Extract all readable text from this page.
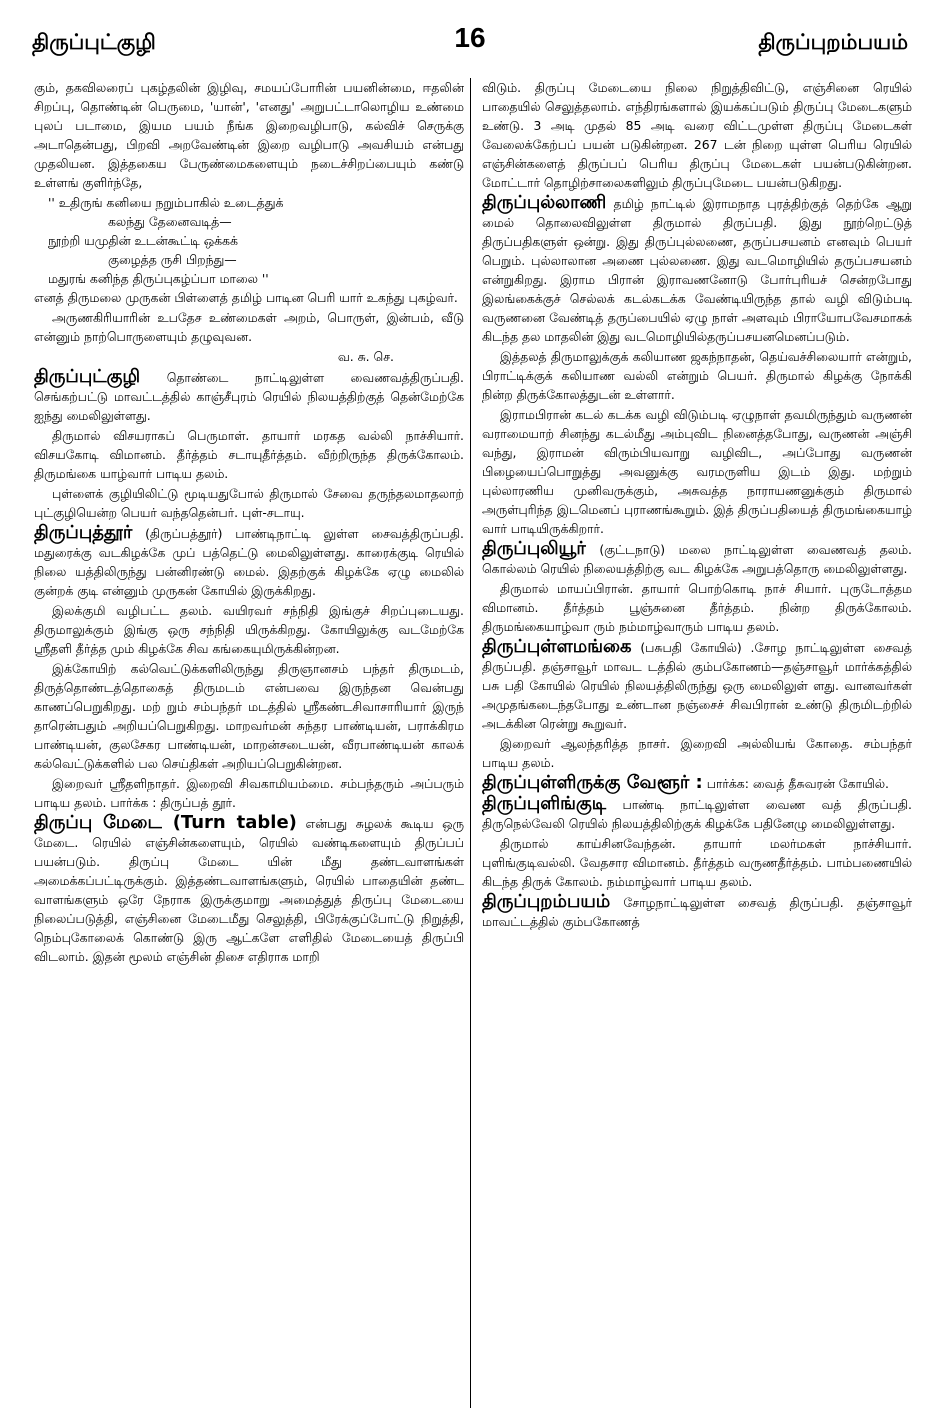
திருப்புட்குழி	16	திருப்புறம்பயம்

கும், தகவிலரைப் புகழ்தலின் இழிவு, சமயப்போரின் பயனின்மை, ஈதலின் சிறப்பு, தொண்டின் பெருமை, 'யான்', 'எனது' அறுபட்டாலொழிய உண்மை புலப் படாமை, இயம பயம் நீங்க இறைவழிபாடு, கல்விச் செருக்கு அடாதென்பது, பிறவி அறவேண்டின் இறை வழிபாடு அவசியம் என்பது முதலியன. இத்தகைய பேருண்மைகளையும் நடைச்சிறப்பையும் கண்டு உள்ளங் குளிர்ந்தே,

'' உதிருங் கனியை நறும்பாகில் உடைத்துக்
கலந்து தேனைவடித்—
நூற்றி யமுதின் உடன்கூட்டி ஒக்கக்
குழைத்த ருசி பிறந்து—
மதுரங் கனிந்த திருப்புகழ்ப்பா மாலை ''

எனத் திருமலை முருகன் பிள்ளைத் தமிழ் பாடின பெரி யார் உகந்து புகழ்வர்.

அருணகிரியாரின் உபதேச உண்மைகள் அறம், பொருள், இன்பம், வீடு என்னும் நாற்பொருளையும் தழுவுவன.

வ. சு. செ.

திருப்புட்குழி தொண்டை நாட்டிலுள்ள வைணவத்திருப்பதி. செங்கற்பட்டு மாவட்டத்தில் காஞ்சீபுரம் ரெயில் நிலயத்திற்குத் தென்மேற்கே ஐந்து மைலிலுள்ளது.

திருமால் விசயராகப் பெருமாள். தாயார் மரகத வல்லி நாச்சியார். விசயகோடி விமானம். தீர்த்தம் சடாயுதீர்த்தம். வீற்றிருந்த திருக்கோலம். திருமங்கை யாழ்வார் பாடிய தலம்.

புள்ளைக் குழியிலிட்டு மூடியதுபோல் திருமால் சேவை தருந்தலமாதலாற் புட்குழியென்ற பெயர் வந்ததென்பர். புள்-சடாயு.

திருப்புத்தூர் (திருப்பத்தூர்) பாண்டிநாட்டி லுள்ள சைவத்திருப்பதி. மதுரைக்கு வடகிழக்கே முப் பத்தெட்டு மைலிலுள்ளது. காரைக்குடி ரெயில் நிலை யத்திலிருந்து பன்னிரண்டு மைல். இதற்குக் கிழக்கே ஏழு மைலில் குன்றக் குடி என்னும் முருகன் கோயில் இருக்கிறது.

இலக்குமி வழிபட்ட தலம். வயிரவர் சந்நிதி இங்குச் சிறப்புடையது. திருமாலுக்கும் இங்கு ஒரு சந்நிதி யிருக்கிறது. கோயிலுக்கு வடமேற்கே ஸ்ரீதளி தீர்த்த மும் கிழக்கே சிவ கங்கையுமிருக்கின்றன.

இக்கோயிற் கல்வெட்டுக்களிலிருந்து திருஞானசம் பந்தர் திருமடம், திருத்தொண்டத்தொகைத் திருமடம் என்பவை இருந்தன வென்பது காணப்பெறுகிறது. மற் றும் சம்பந்தர் மடத்தில் ஸ்ரீகண்டசிவாசாரியார் இருந் தாரென்பதும் அறியப்பெறுகிறது. மாறவர்மன் சுந்தர பாண்டியன், பராக்கிரம பாண்டியன், குலசேகர பாண்டியன், மாறன்சடையன், வீரபாண்டியன் காலக் கல்வெட்டுக்களில் பல செய்திகள் அறியப்பெறுகின்றன.

இறைவர் ஸ்ரீதளிநாதர். இறைவி சிவகாமியம்மை. சம்பந்தரும் அப்பரும் பாடிய தலம். பார்க்க : திருப்பத் தூர்.

திருப்பு மேடை (Turn table) என்பது சுழலக் கூடிய ஒரு மேடை. ரெயில் எஞ்சின்களையும், ரெயில் வண்டிகளையும் திருப்பப் பயன்படும். திருப்பு மேடை யின் மீது தண்டவாளங்கள் அமைக்கப்பட்டிருக்கும். இத்தண்டவாளங்களும், ரெயில் பாதையின் தண்ட வாளங்களும் ஒரே நேராக இருக்குமாறு அமைத்துத் திருப்பு மேடையை நிலைப்படுத்தி, எஞ்சினை மேடைமீது செலுத்தி, பிரேக்குப்போட்டு நிறுத்தி, நெம்புகோலைக் கொண்டு இரு ஆட்களே எளிதில் மேடையைத் திருப்பி விடலாம். இதன் மூலம் எஞ்சின் திசை எதிராக மாறி

விடும். திருப்பு மேடையை நிலை நிறுத்திவிட்டு, எஞ்சினை ரெயில் பாதையில் செலுத்தலாம். எந்திரங்களால் இயக்கப்படும் திருப்பு மேடைகளும் உண்டு. 3 அடி முதல் 85 அடி வரை விட்டமுள்ள திருப்பு மேடைகள் வேலைக்கேற்பப் பயன் படுகின்றன. 267 டன் நிறை யுள்ள பெரிய ரெயில் எஞ்சின்களைத் திருப்பப் பெரிய திருப்பு மேடைகள் பயன்படுகின்றன. மோட்டார் தொழிற்சாலைகளிலும் திருப்புமேடை பயன்படுகிறது.

திருப்புல்லாணி தமிழ் நாட்டில் இராமநாத புரத்திற்குத் தெற்கே ஆறு மைல் தொலைவிலுள்ள திருமால் திருப்பதி. இது நூற்றெட்டுத் திருப்பதிகளுள் ஒன்று. இது திருப்புல்லணை, தருப்பசயனம் எனவும் பெயர் பெறும். புல்லாலான அணை புல்லணை. இது வடமொழியில் தருப்பசயனம் என்றுகிறது. இராம பிரான் இராவணனோடு போர்புரியச் சென்றபோது இலங்கைக்குச் செல்லக் கடல்கடக்க வேண்டியிருந்த தால் வழி விடும்படி வருணனை வேண்டித் தருப்பையில் ஏழு நாள் அளவும் பிராயோபவேசமாகக் கிடந்த தல மாதலின் இது வடமொழியில்தருப்பசயனமெனப்படும்.

இத்தலத் திருமாலுக்குக் கலியாண ஜகந்நாதன், தெய்வச்சிலையார் என்றும், பிராட்டிக்குக் கலியாண வல்லி என்றும் பெயர். திருமால் கிழக்கு நோக்கி நின்ற திருக்கோலத்துடன் உள்ளார்.

இராமபிரான் கடல் கடக்க வழி விடும்படி ஏழுநாள் தவமிருந்தும் வருணன் வராமையாற் சினந்து கடல்மீது அம்புவிட நினைத்தபோது, வருணன் அஞ்சி வந்து, இராமன் விரும்பியவாறு வழிவிட, அப்போது வருணன் பிழையைப்பொறுத்து அவனுக்கு வரமருளிய இடம் இது. மற்றும் புல்லாரணிய முனிவருக்கும், அசுவத்த நாராயணனுக்கும் திருமால் அருள்புரிந்த இடமெனப் புராணங்கூறும். இத் திருப்பதியைத் திருமங்கையாழ் வார் பாடியிருக்கிறார்.

திருப்புலியூர் (குட்டநாடு) மலை நாட்டிலுள்ள வைணவத் தலம். கொல்லம் ரெயில் நிலையத்திற்கு வட கிழக்கே அறுபத்தொரு மைலிலுள்ளது.

திருமால் மாயப்பிரான். தாயார் பொற்கொடி நாச் சியார். புருடோத்தம விமானம். தீர்த்தம் பூஞ்சுனை தீர்த்தம். நின்ற திருக்கோலம். திருமங்கையாழ்வா ரும் நம்மாழ்வாரும் பாடிய தலம்.

திருப்புள்ளமங்கை (பசுபதி கோயில்) .சோழ நாட்டிலுள்ள சைவத் திருப்பதி. தஞ்சாவூர் மாவட டத்தில் கும்பகோணம்—தஞ்சாவூர் மார்க்கத்தில் பசு பதி கோயில் ரெயில் நிலயத்திலிருந்து ஒரு மைலிலுள் ளது. வானவர்கள் அமுதங்கடைந்தபோது உண்டான நஞ்சைச் சிவபிரான் உண்டு திருமிடற்றில் அடக்கின ரென்று கூறுவர்.

இறைவர் ஆலந்தரித்த நாசர். இறைவி அல்லியங் கோதை. சம்பந்தர் பாடிய தலம்.

திருப்புள்ளிருக்கு வேளூர் : பார்க்க: வைத் தீசுவரன் கோயில்.

திருப்புளிங்குடி பாண்டி நாட்டிலுள்ள வைண வத் திருப்பதி. திருநெல்வேலி ரெயில் நிலயத்திலிற்குக் கிழக்கே பதினேழு மைலிலுள்ளது.

திருமால் காய்சினவேந்தன். தாயார் மலர்மகள் நாச்சியார். புளிங்குடிவல்லி. வேதசார விமானம். தீர்த்தம் வருணதீர்த்தம். பாம்பணையில் கிடந்த திருக் கோலம். நம்மாழ்வார் பாடிய தலம்.

திருப்புறம்பயம் சோழநாட்டிலுள்ள சைவத் திருப்பதி. தஞ்சாவூர் மாவட்டத்தில் கும்பகோணத்
